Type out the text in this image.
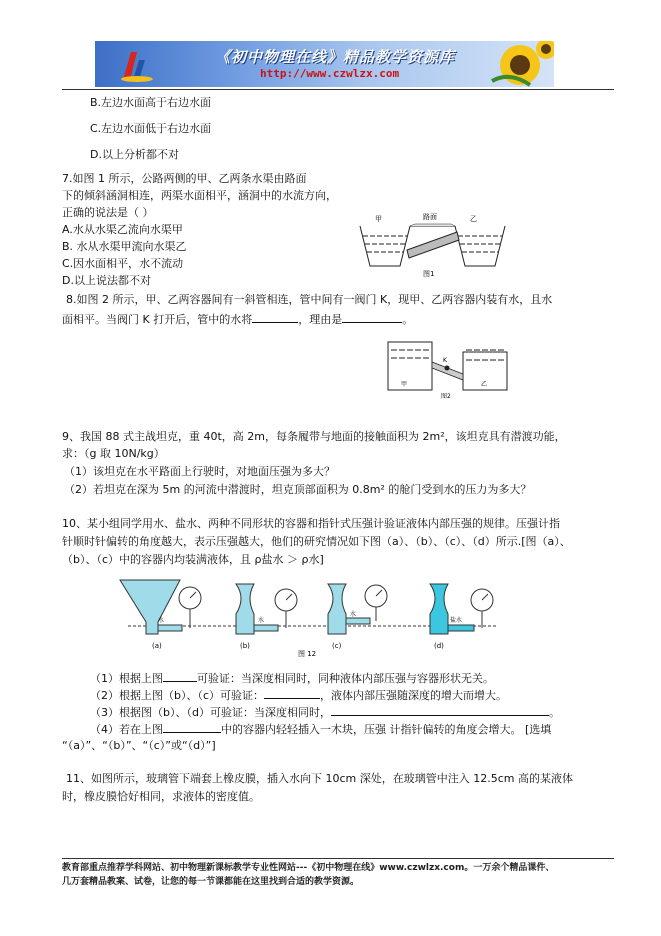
《初中物理在线》精品教学资源库
http://www.czwlzx.com
B.左边水面高于右边水面
C.左边水面低于右边水面
D.以上分析都不对
7.如图 1 所示，公路两侧的甲、乙两条水渠由路面
下的倾斜涵洞相连，两渠水面相平，涵洞中的水流方向，
正确的说法是（ ）
A.水从水渠乙流向水渠甲
B. 水从水渠甲流向水渠乙
C.因水面相平，水不流动
D.以上说法都不对
甲	路面	乙
图1
8.如图 2 所示，甲、乙两容器间有一斜管相连，管中间有一阀门 K，现甲、乙两容器内装有水，且水
面相平。当阀门 K 打开后，管中的水将	，理由是	。
K
甲	乙
图2
9、我国 88 式主战坦克，重 40t，高 2m，每条履带与地面的接触面积为 2m²，该坦克具有潜渡功能，
求：（g 取 10N/kg）
（1）该坦克在水平路面上行驶时，对地面压强为多大？
（2）若坦克在深为 5m 的河流中潜渡时，坦克顶部面积为 0.8m² 的舱门受到水的压力为多大？
10、某小组同学用水、盐水、两种不同形状的容器和指针式压强计验证液体内部压强的规律。压强计指
针顺时针偏转的角度越大，表示压强越大，他们的研究情况如下图（a）、（b）、（c）、（d）所示.[图（a）、
（b）、（c）中的容器内均装满液体，且 ρ盐水 ＞ ρ水]
水
(a)
水
(b)
水
(c)
盐水
(d)
图 12
（1）根据上图	可验证：当深度相同时，同种液体内部压强与容器形状无关。
（2）根据上图（b）、（c）可验证：	，液体内部压强随深度的增大而增大。
（3）根据图（b）、（d）可验证：当深度相同时，	。
（4）若在上图	中的容器内轻轻插入一木块，压强 计指针偏转的角度会增大。 [选填
“（a）”、“（b）”、“（c）”或“（d）”]
11、如图所示，玻璃管下端套上橡皮膜，插入水向下 10cm 深处，在玻璃管中注入 12.5cm 高的某液体
时，橡皮膜恰好相同，求液体的密度值。
教育部重点推荐学科网站、初中物理新课标教学专业性网站---《初中物理在线》www.czwlzx.com。一万余个精品课件、
几万套精品教案、试卷，让您的每一节课都能在这里找到合适的教学资源。
